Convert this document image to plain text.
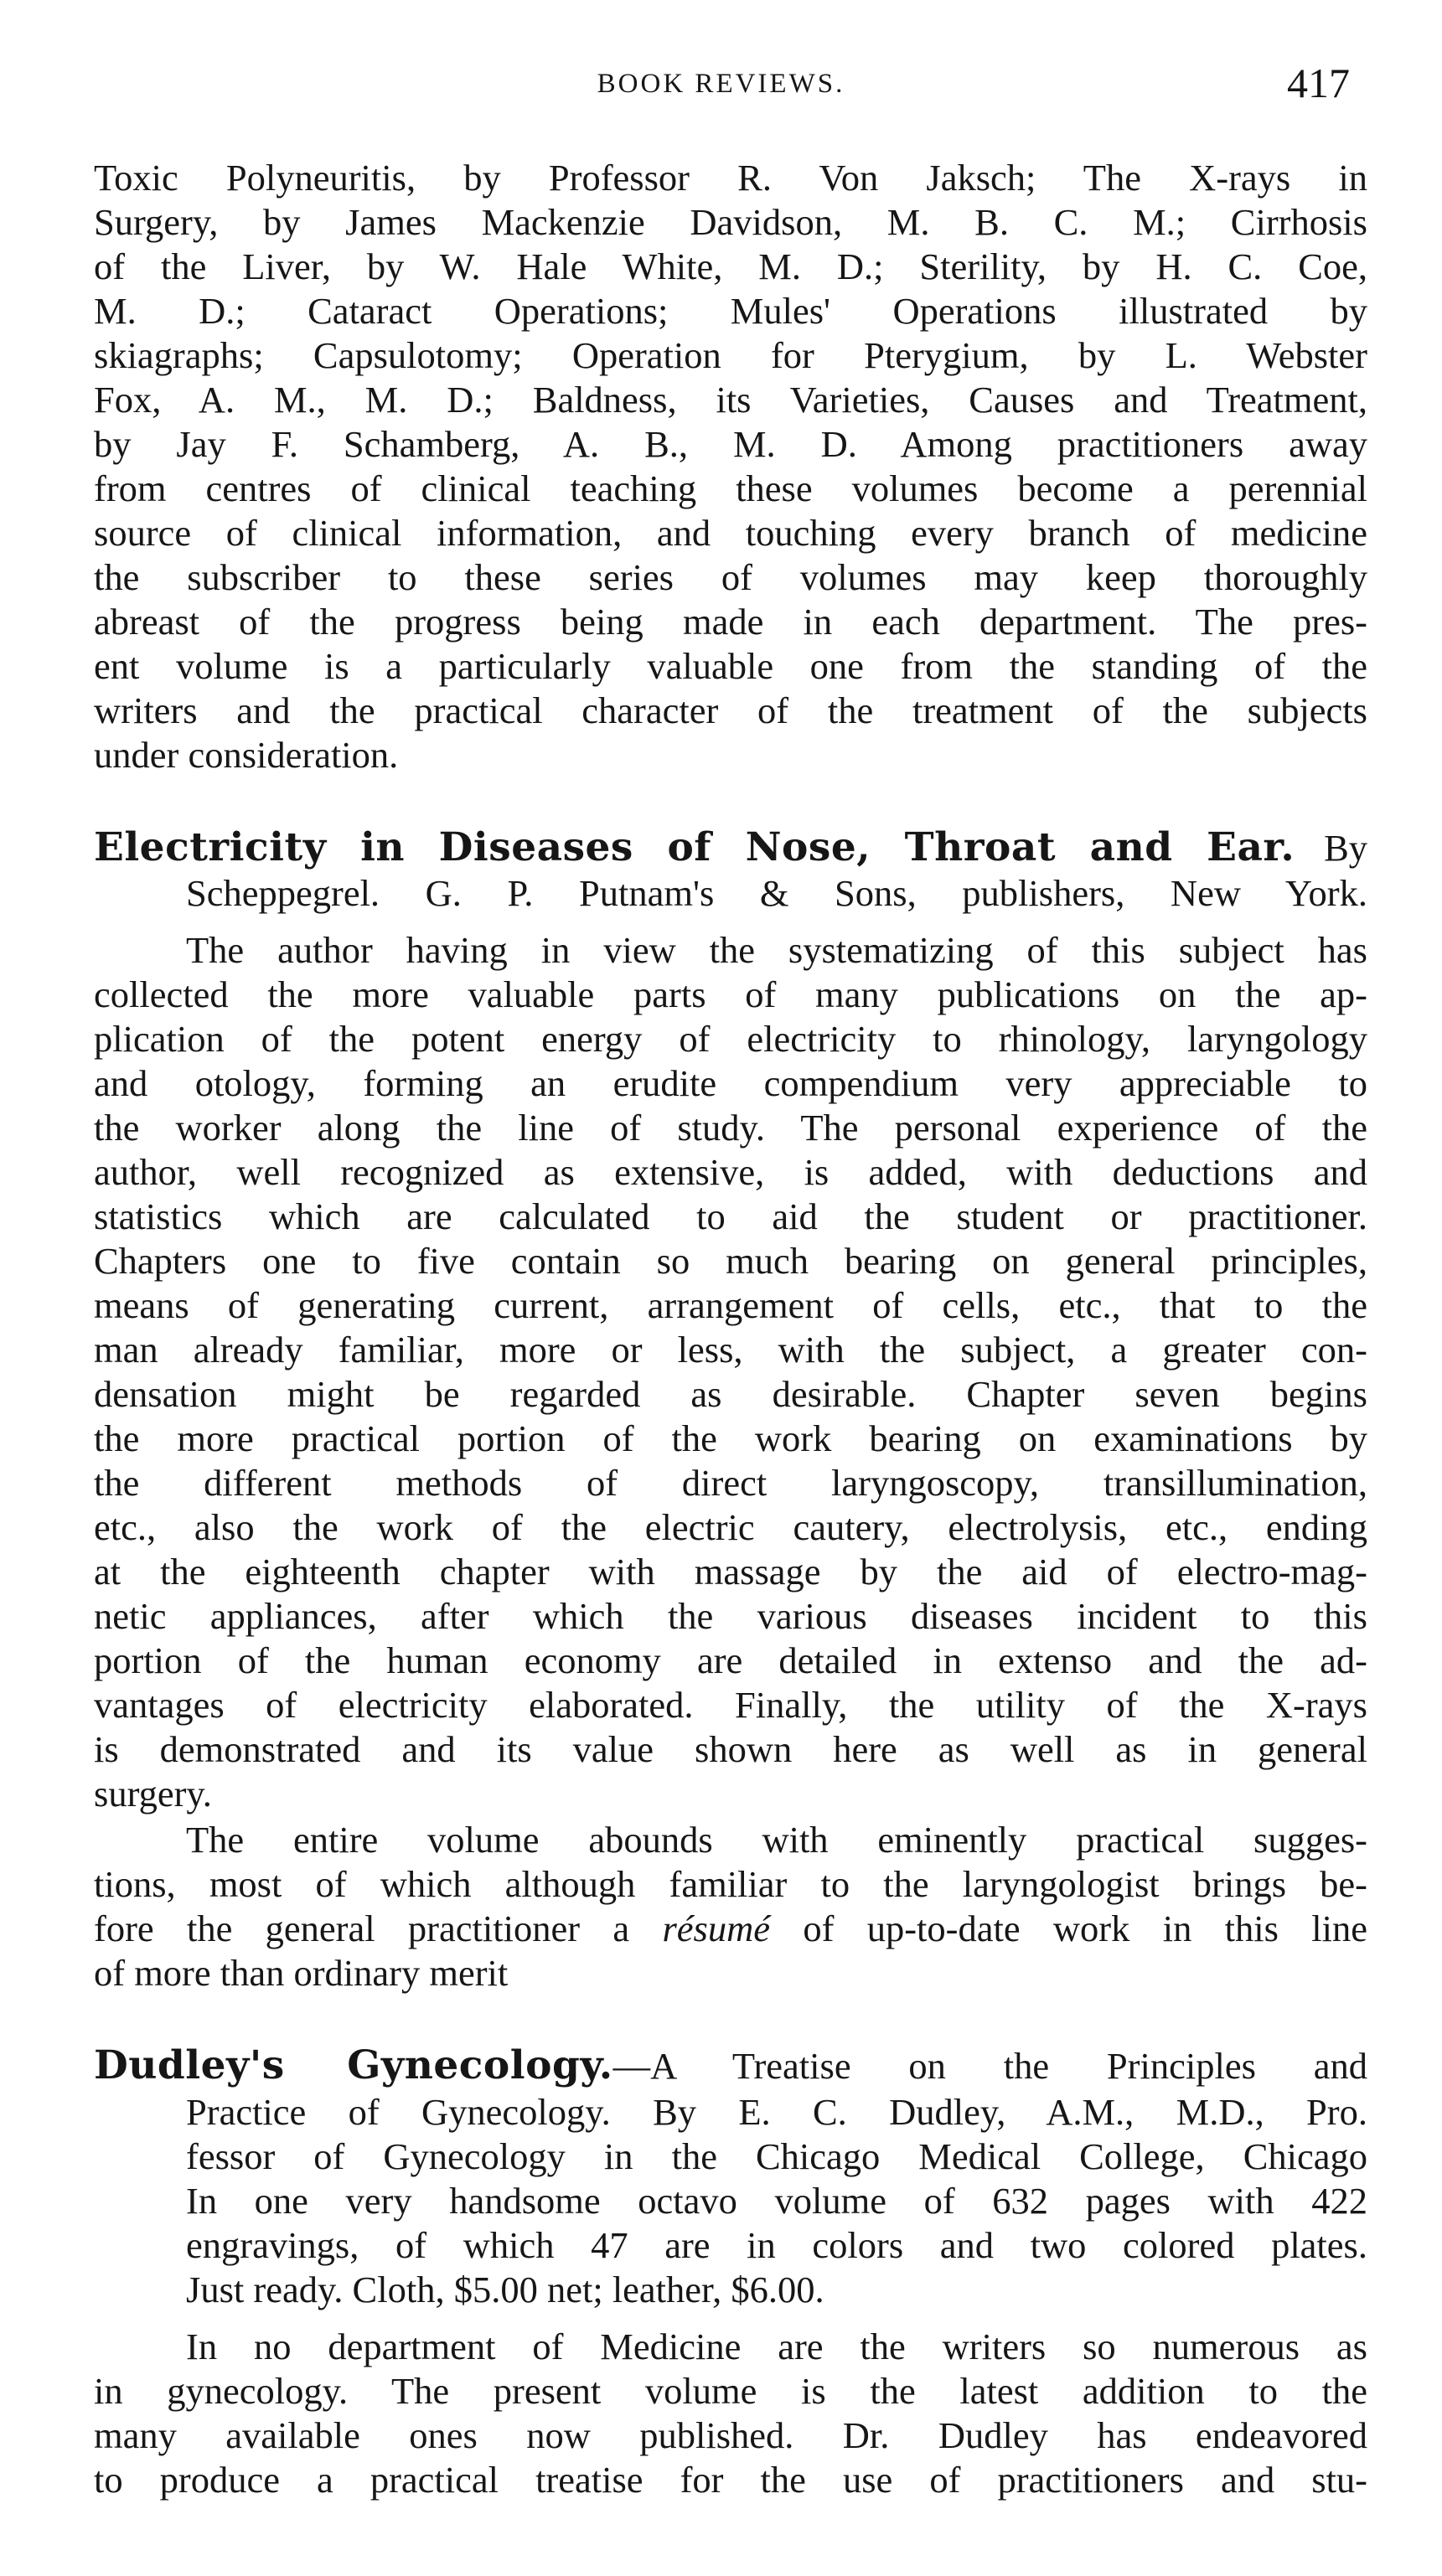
BOOK REVIEWS.	417
Toxic Polyneuritis, by Professor R. Von Jaksch; The X-rays in
Surgery, by James Mackenzie Davidson, M. B. C. M.; Cirrhosis
of the Liver, by W. Hale White, M. D.; Sterility, by H. C. Coe,
M. D.; Cataract Operations; Mules' Operations illustrated by
skiagraphs; Capsulotomy; Operation for Pterygium, by L. Webster
Fox, A. M., M. D.; Baldness, its Varieties, Causes and Treatment,
by Jay F. Schamberg, A. B., M. D. Among practitioners away
from centres of clinical teaching these volumes become a perennial
source of clinical information, and touching every branch of medicine
the subscriber to these series of volumes may keep thoroughly
abreast of the progress being made in each department. The pres-
ent volume is a particularly valuable one from the standing of the
writers and the practical character of the treatment of the subjects
under consideration.
Electricity in Diseases of Nose, Throat and Ear. By
Scheppegrel. G. P. Putnam's & Sons, publishers, New York.
The author having in view the systematizing of this subject has
collected the more valuable parts of many publications on the ap-
plication of the potent energy of electricity to rhinology, laryngology
and otology, forming an erudite compendium very appreciable to
the worker along the line of study. The personal experience of the
author, well recognized as extensive, is added, with deductions and
statistics which are calculated to aid the student or practitioner.
Chapters one to five contain so much bearing on general principles,
means of generating current, arrangement of cells, etc., that to the
man already familiar, more or less, with the subject, a greater con-
densation might be regarded as desirable. Chapter seven begins
the more practical portion of the work bearing on examinations by
the different methods of direct laryngoscopy, transillumination,
etc., also the work of the electric cautery, electrolysis, etc., ending
at the eighteenth chapter with massage by the aid of electro-mag-
netic appliances, after which the various diseases incident to this
portion of the human economy are detailed in extenso and the ad-
vantages of electricity elaborated. Finally, the utility of the X-rays
is demonstrated and its value shown here as well as in general
surgery.
The entire volume abounds with eminently practical sugges-
tions, most of which although familiar to the laryngologist brings be-
fore the general practitioner a résumé of up-to-date work in this line
of more than ordinary merit
Dudley's Gynecology.—A Treatise on the Principles and
Practice of Gynecology. By E. C. Dudley, A.M., M.D., Pro.
fessor of Gynecology in the Chicago Medical College, Chicago
In one very handsome octavo volume of 632 pages with 422
engravings, of which 47 are in colors and two colored plates.
Just ready. Cloth, $5.00 net; leather, $6.00.
In no department of Medicine are the writers so numerous as
in gynecology. The present volume is the latest addition to the
many available ones now published. Dr. Dudley has endeavored
to produce a practical treatise for the use of practitioners and stu-
